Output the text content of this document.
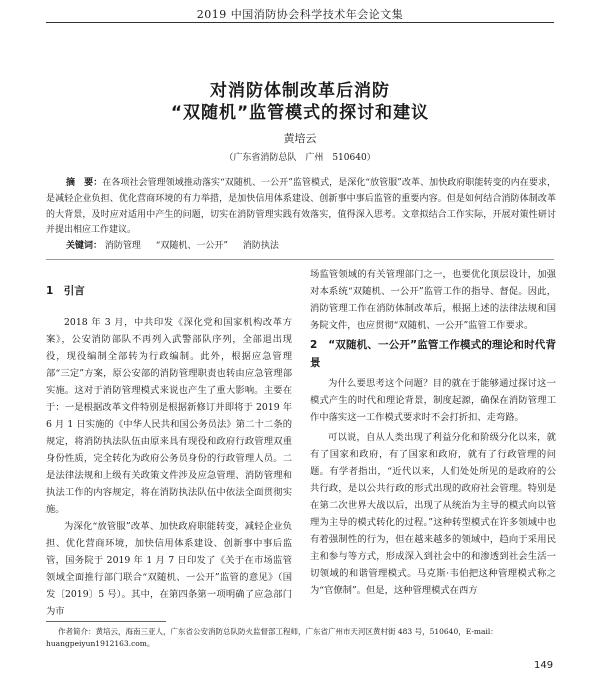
2019 中国消防协会科学技术年会论文集
对消防体制改革后消防
“双随机”监管模式的探讨和建议
黄培云
（广东省消防总队　广州　510640）
摘　要：在各项社会管理领域推动落实“双随机、一公开”监管模式，是深化“放管服”改革、加快政府职能转变的内在要求，是减轻企业负担、优化营商环境的有力举措，是加快信用体系建设、创新事中事后监管的重要内容。但是如何结合消防体制改革的大背景，及时应对适用中产生的问题，切实在消防管理实践有效落实，值得深入思考。文章拟结合工作实际，开展对策性研讨并提出相应工作建议。
关键词： 消防管理 “双随机、一公开” 消防执法
1　引言

2018 年 3 月，中共印发《深化党和国家机构改革方案》，公安消防部队不再列入武警部队序列，全部退出现役，现役编制全部转为行政编制。此外，根据应急管理部“三定”方案，原公安部的消防管理职责也转由应急管理部实施。这对于消防管理模式来说也产生了重大影响。主要在于：一是根据改革文件特别是根据新修订并即将于 2019 年 6 月 1 日实施的《中华人民共和国公务员法》第二十二条的规定，将消防执法队伍由原来具有现役和政府行政管理双重身份性质，完全转化为政府公务员身份的行政管理人员。二是法律法规和上级有关政策文件涉及应急管理、消防管理和执法工作的内容规定，将在消防执法队伍中依法全面贯彻实施。

为深化“放管服”改革、加快政府职能转变，减轻企业负担、优化营商环境，加快信用体系建设、创新事中事后监管，国务院于 2019 年 1 月 7 日印发了《关于在市场监管领域全面推行部门联合“双随机、一公开”监管的意见》（国发〔2019〕5 号）。其中，在第四条第一项明确了应急部门为市

场监管领域的有关管理部门之一，也要优化顶层设计，加强对本系统“双随机、一公开”监管工作的指导、督促。因此，消防管理工作在消防体制改革后，根据上述的法律法规和国务院文件，也应贯彻“双随机、一公开”监管工作要求。

2　“双随机、一公开”监管工作模式的理论和时代背景

为什么要思考这个问题？目的就在于能够通过探讨这一模式产生的时代和理论背景，制度起源，确保在消防管理工作中落实这一工作模式要求时不会打折扣、走弯路。

可以说，自从人类出现了利益分化和阶级分化以来，就有了国家和政府，有了国家和政府，就有了行政管理的问题。有学者指出，“近代以来，人们处处所见的是政府的公共行政，是以公共行政的形式出现的政府社会管理。特别是在第二次世界大战以后，出现了从统治为主导的模式向以管理为主导的模式转化的过程。”这种转型模式在许多领域中也有着强制性的行为，但在越来越多的领域中，趋向于采用民主和参与等方式，形成深入到社会中的和渗透到社会生活一切领域的和谐管理模式。马克斯·韦伯把这种管理模式称之为“官僚制”。但是，这种管理模式在西方

作者简介：黄培云，海南三亚人，广东省公安消防总队防火监督部工程师，广东省广州市天河区黄村街 483 号，510640，E-mail：huangpeiyun1912163.com。
149
